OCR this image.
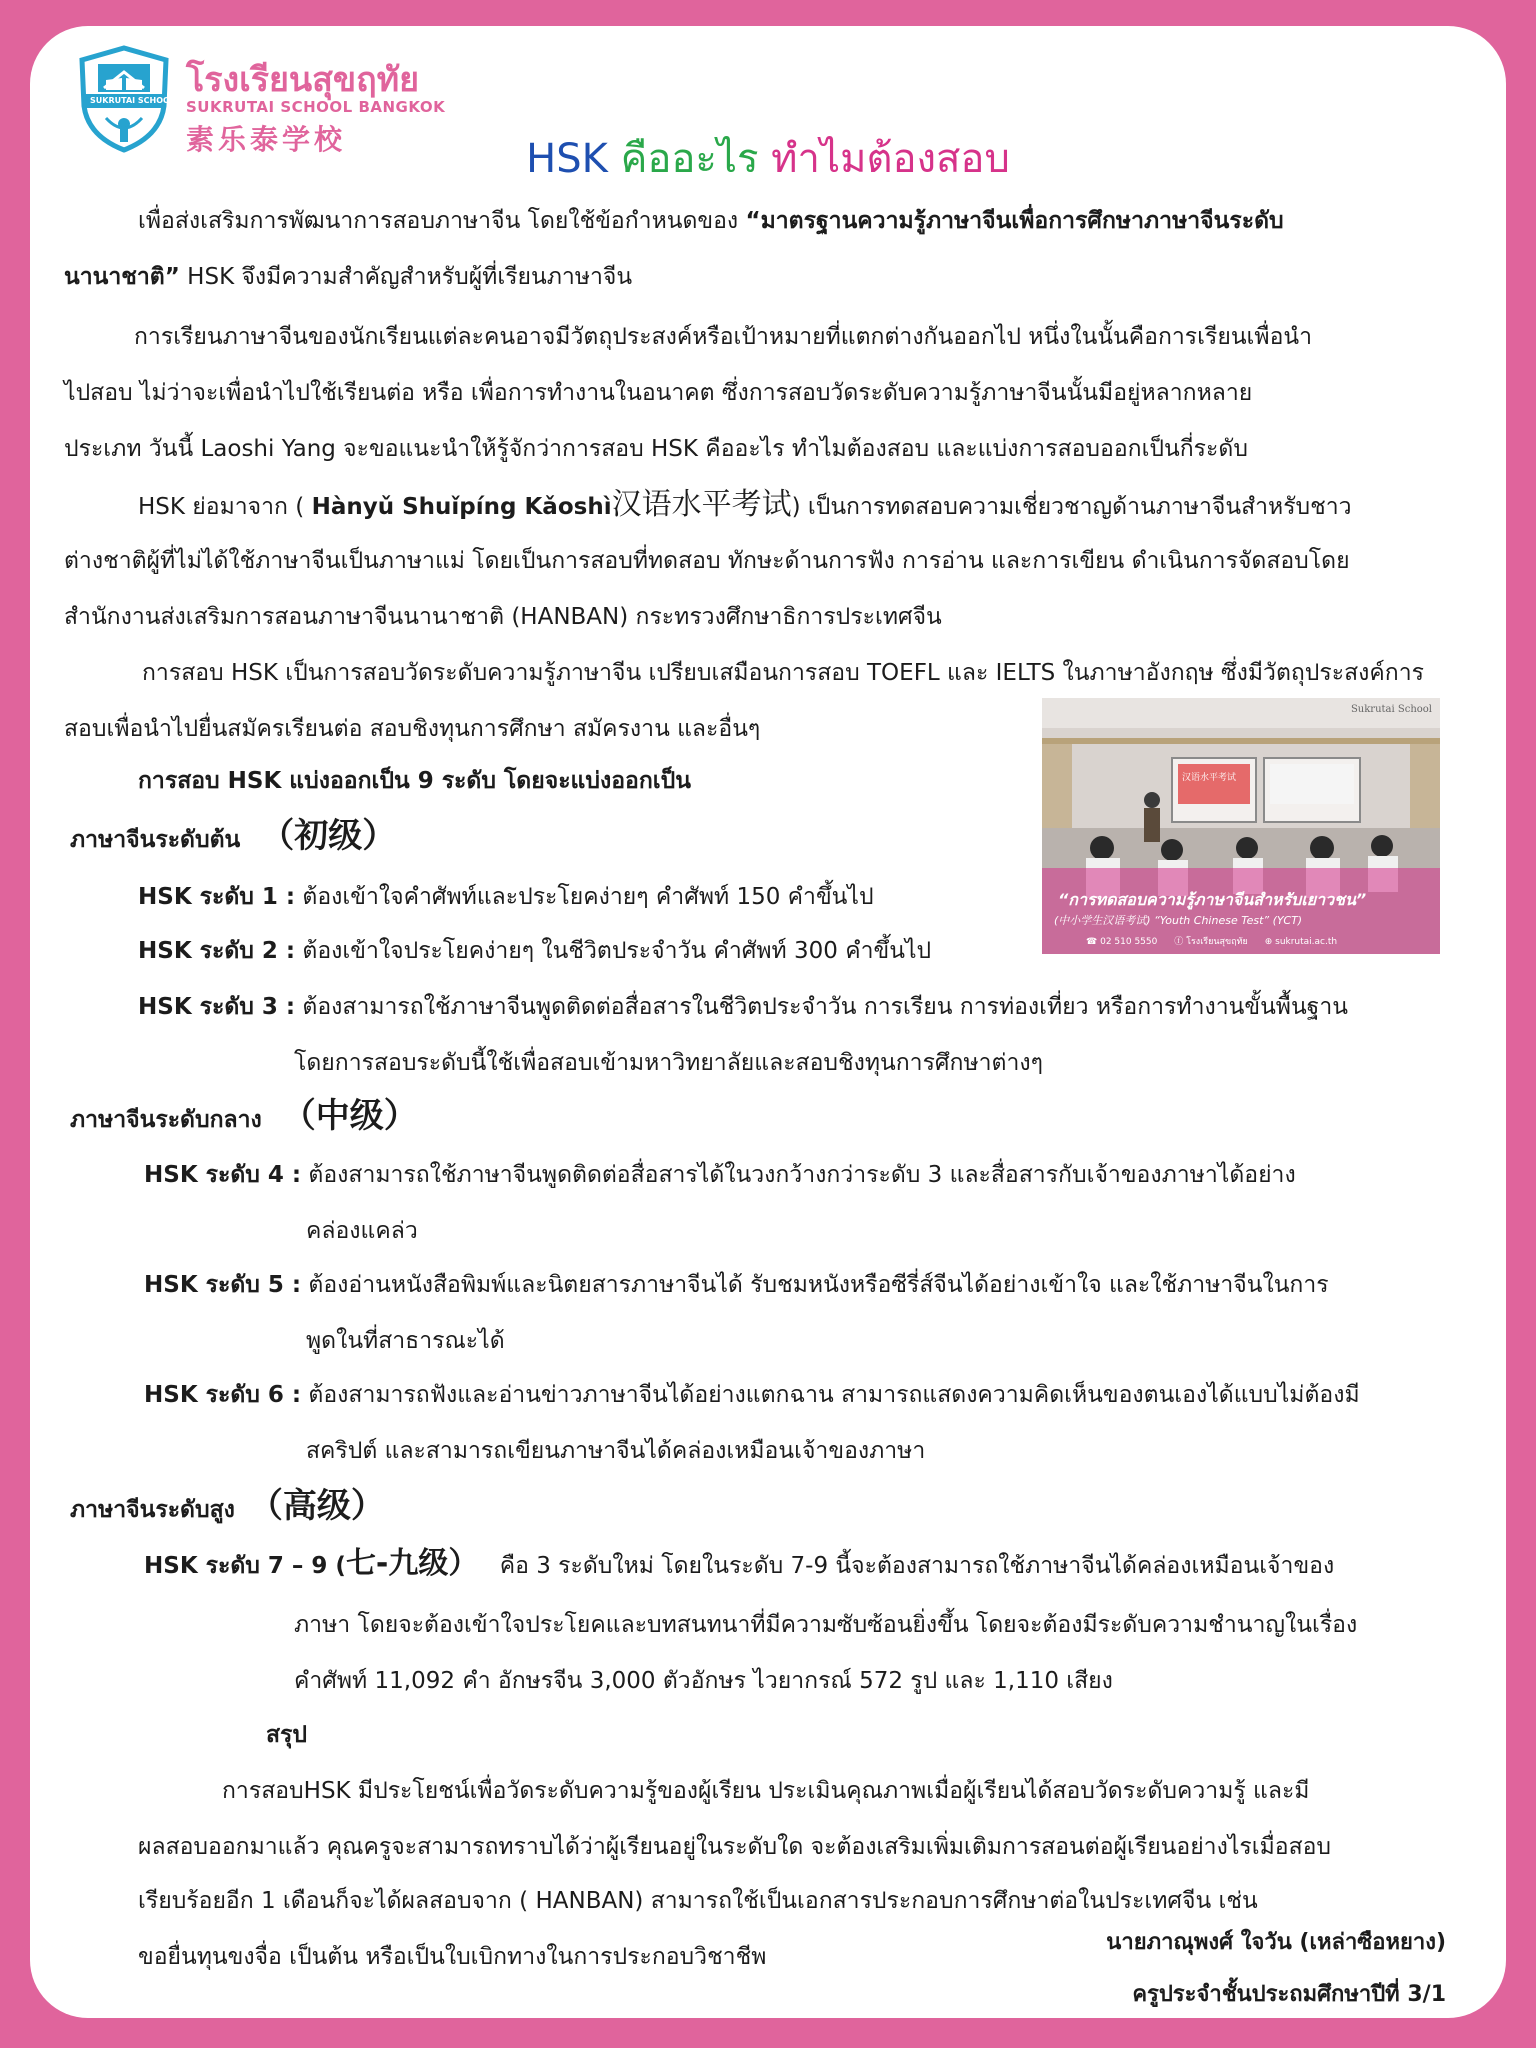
SUKRUTAI SCHOOL
โรงเรียนสุขฤทัย
SUKRUTAI SCHOOL BANGKOK
素乐泰学校	HSK คืออะไร ทำไมต้องสอบ
เพื่อส่งเสริมการพัฒนาการสอบภาษาจีน โดยใช้ข้อกำหนดของ “มาตรฐานความรู้ภาษาจีนเพื่อการศึกษาภาษาจีนระดับ
นานาชาติ” HSK จึงมีความสำคัญสำหรับผู้ที่เรียนภาษาจีน
การเรียนภาษาจีนของนักเรียนแต่ละคนอาจมีวัตถุประสงค์หรือเป้าหมายที่แตกต่างกันออกไป หนึ่งในนั้นคือการเรียนเพื่อนำ
ไปสอบ ไม่ว่าจะเพื่อนำไปใช้เรียนต่อ หรือ เพื่อการทำงานในอนาคต ซึ่งการสอบวัดระดับความรู้ภาษาจีนนั้นมีอยู่หลากหลาย
ประเภท วันนี้ Laoshi Yang จะขอแนะนำให้รู้จักว่าการสอบ HSK คืออะไร ทำไมต้องสอบ และแบ่งการสอบออกเป็นกี่ระดับ
HSK ย่อมาจาก ( Hànyǔ Shuǐpíng Kǎoshì汉语水平考试) เป็นการทดสอบความเชี่ยวชาญด้านภาษาจีนสำหรับชาว
ต่างชาติผู้ที่ไม่ได้ใช้ภาษาจีนเป็นภาษาแม่ โดยเป็นการสอบที่ทดสอบ ทักษะด้านการฟัง การอ่าน และการเขียน ดำเนินการจัดสอบโดย
สำนักงานส่งเสริมการสอนภาษาจีนนานาชาติ (HANBAN) กระทรวงศึกษาธิการประเทศจีน
การสอบ HSK เป็นการสอบวัดระดับความรู้ภาษาจีน เปรียบเสมือนการสอบ TOEFL และ IELTS ในภาษาอังกฤษ ซึ่งมีวัตถุประสงค์การ
สอบเพื่อนำไปยื่นสมัครเรียนต่อ สอบชิงทุนการศึกษา สมัครงาน และอื่นๆ
การสอบ HSK แบ่งออกเป็น 9 ระดับ โดยจะแบ่งออกเป็น
Sukrutai School
汉语水平考试
“การทดสอบความรู้ภาษาจีนสำหรับเยาวชน”
(中小学生汉语考试) “Youth Chinese Test” (YCT)
☎ 02 510 5550 ⓕ โรงเรียนสุขฤทัย ⊕ sukrutai.ac.th
ภาษาจีนระดับต้น （初级）
HSK ระดับ 1 : ต้องเข้าใจคำศัพท์และประโยคง่ายๆ คำศัพท์ 150 คำขึ้นไป
HSK ระดับ 2 : ต้องเข้าใจประโยคง่ายๆ ในชีวิตประจำวัน คำศัพท์ 300 คำขึ้นไป
HSK ระดับ 3 : ต้องสามารถใช้ภาษาจีนพูดติดต่อสื่อสารในชีวิตประจำวัน การเรียน การท่องเที่ยว หรือการทำงานขั้นพื้นฐาน
โดยการสอบระดับนี้ใช้เพื่อสอบเข้ามหาวิทยาลัยและสอบชิงทุนการศึกษาต่างๆ
ภาษาจีนระดับกลาง （中级）
HSK ระดับ 4 : ต้องสามารถใช้ภาษาจีนพูดติดต่อสื่อสารได้ในวงกว้างกว่าระดับ 3 และสื่อสารกับเจ้าของภาษาได้อย่าง
คล่องแคล่ว
HSK ระดับ 5 : ต้องอ่านหนังสือพิมพ์และนิตยสารภาษาจีนได้ รับชมหนังหรือซีรี่ส์จีนได้อย่างเข้าใจ และใช้ภาษาจีนในการ
พูดในที่สาธารณะได้
HSK ระดับ 6 : ต้องสามารถฟังและอ่านข่าวภาษาจีนได้อย่างแตกฉาน สามารถแสดงความคิดเห็นของตนเองได้แบบไม่ต้องมี
สคริปต์ และสามารถเขียนภาษาจีนได้คล่องเหมือนเจ้าของภาษา
ภาษาจีนระดับสูง （高级）
HSK ระดับ 7 – 9 (七-九级） คือ 3 ระดับใหม่ โดยในระดับ 7-9 นี้จะต้องสามารถใช้ภาษาจีนได้คล่องเหมือนเจ้าของ
ภาษา โดยจะต้องเข้าใจประโยคและบทสนทนาที่มีความซับซ้อนยิ่งขึ้น โดยจะต้องมีระดับความชำนาญในเรื่อง
คำศัพท์ 11,092 คำ อักษรจีน 3,000 ตัวอักษร ไวยากรณ์ 572 รูป และ 1,110 เสียง
สรุป
การสอบHSK มีประโยชน์เพื่อวัดระดับความรู้ของผู้เรียน ประเมินคุณภาพเมื่อผู้เรียนได้สอบวัดระดับความรู้ และมี
ผลสอบออกมาแล้ว คุณครูจะสามารถทราบได้ว่าผู้เรียนอยู่ในระดับใด จะต้องเสริมเพิ่มเติมการสอนต่อผู้เรียนอย่างไรเมื่อสอบ
เรียบร้อยอีก 1 เดือนก็จะได้ผลสอบจาก ( HANBAN) สามารถใช้เป็นเอกสารประกอบการศึกษาต่อในประเทศจีน เช่น
ขอยื่นทุนขงจื่อ เป็นต้น หรือเป็นใบเบิกทางในการประกอบวิชาชีพ
นายภาณุพงศ์ ใจวัน (เหล่าซือหยาง)
ครูประจำชั้นประถมศึกษาปีที่ 3/1
